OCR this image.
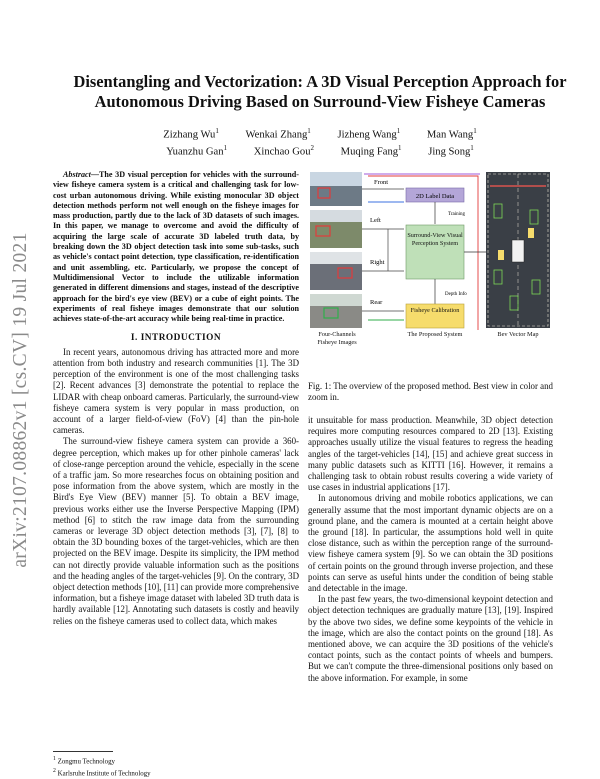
arXiv:2107.08862v1 [cs.CV] 19 Jul 2021
Disentangling and Vectorization: A 3D Visual Perception Approach for
Autonomous Driving Based on Surround-View Fisheye Cameras
Zizhang Wu$^1$	Wenkai Zhang$^1$	Jizheng Wang$^1$	Man Wang$^1$
Yuanzhu Gan$^1$	Xinchao Gou$^2$	Muqing Fang$^1$	Jing Song$^1$

Abstract—The 3D visual perception for vehicles with the surround-view fisheye camera system is a critical and challenging task for low-cost urban autonomous driving. While existing monocular 3D object detection methods perform not well enough on the fisheye images for mass production, partly due to the lack of 3D datasets of such images. In this paper, we manage to overcome and avoid the difficulty of acquiring the large scale of accurate 3D labeled truth data, by breaking down the 3D object detection task into some sub-tasks, such as vehicle's contact point detection, type classification, re-identification and unit assembling, etc. Particularly, we propose the concept of Multidimensional Vector to include the utilizable information generated in different dimensions and stages, instead of the descriptive approach for the bird's eye view (BEV) or a cube of eight points. The experiments of real fisheye images demonstrate that our solution achieves state-of-the-art accuracy while being real-time in practice.

I. INTRODUCTION

In recent years, autonomous driving has attracted more and more attention from both industry and research communities [1]. The 3D perception of the environment is one of the most challenging tasks [2]. Recent advances [3] demonstrate the potential to replace the LIDAR with cheap onboard cameras. Particularly, the surround-view fisheye camera system is very popular in mass production, on account of a larger field-of-view (FoV) [4] than the pin-hole cameras.

The surround-view fisheye camera system can provide a 360-degree perception, which makes up for other pinhole cameras' lack of close-range perception around the vehicle, especially in the scene of a traffic jam. So more researches focus on obtaining position and pose information from the above system, which are mostly in the Bird's Eye View (BEV) manner [5]. To obtain a BEV image, previous works either use the Inverse Perspective Mapping (IPM) method [6] to stitch the raw image data from the surrounding cameras or leverage 3D object detection methods [3], [7], [8] to obtain the 3D bounding boxes of the target-vehicles, which are then projected on the BEV image. Despite its simplicity, the IPM method can not directly provide valuable information such as the positions and the heading angles of the target-vehicles [9]. On the contrary, 3D object detection methods [10], [11] can provide more comprehensive information, but a fisheye image dataset with labeled 3D truth data is hardly available [12]. Annotating such datasets is costly and heavily relies on the fisheye cameras used to collect data, which makes

$^1$ Zongmu Technology
$^2$ Karlsruhe Institute of Technology
Front
Left
Right
Rear
2D Label Data
Training
Surround-View Visual Perception System
Depth Info
Fisheye Calibration
Four-Channels Fisheye Images
The Proposed System	Bev Vector Map
Fig. 1: The overview of the proposed method. Best view in color and zoom in.

it unsuitable for mass production. Meanwhile, 3D object detection requires more computing resources compared to 2D [13]. Existing approaches usually utilize the visual features to regress the heading angles of the target-vehicles [14], [15] and achieve great success in many public datasets such as KITTI [16]. However, it remains a challenging task to obtain robust results covering a wide variety of use cases in industrial applications [17].

In autonomous driving and mobile robotics applications, we can generally assume that the most important dynamic objects are on a ground plane, and the camera is mounted at a certain height above the ground [18]. In particular, the assumptions hold well in quite close distance, such as within the perception range of the surround-view fisheye camera system [9]. So we can obtain the 3D positions of certain points on the ground through inverse projection, and these points can serve as useful hints under the condition of being stable and detectable in the image.

In the past few years, the two-dimensional keypoint detection and object detection techniques are gradually mature [13], [19]. Inspired by the above two sides, we define some keypoints of the vehicle in the image, which are also the contact points on the ground [18]. As mentioned above, we can acquire the 3D positions of the vehicle's contact points, such as the contact points of wheels and bumpers. But we can't compute the three-dimensional positions only based on the above information. For example, in some
